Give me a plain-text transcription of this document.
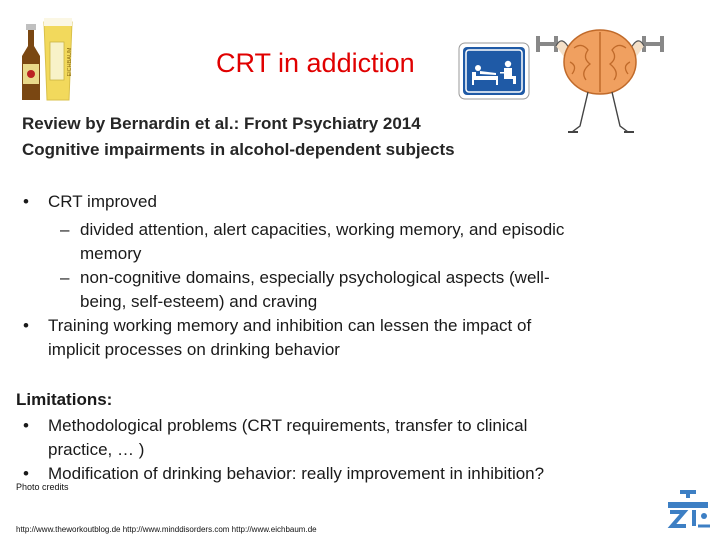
EICHBAUM	CRT in addiction
Review by Bernardin et al.: Front Psychiatry 2014
Cognitive impairments in alcohol-dependent subjects
•	CRT improved
– divided attention, alert capacities, working memory, and episodic
memory
– non-cognitive domains, especially psychological aspects (well-
being, self-esteem) and craving
•	Training working memory and inhibition can lessen the impact of
implicit processes on drinking behavior
Limitations:
•	Methodological problems (CRT requirements, transfer to clinical
practice, … )
•	Modification of drinking behavior: really improvement in inhibition?
Photo credits
http://www.theworkoutblog.de http://www.minddisorders.com http://www.eichbaum.de
